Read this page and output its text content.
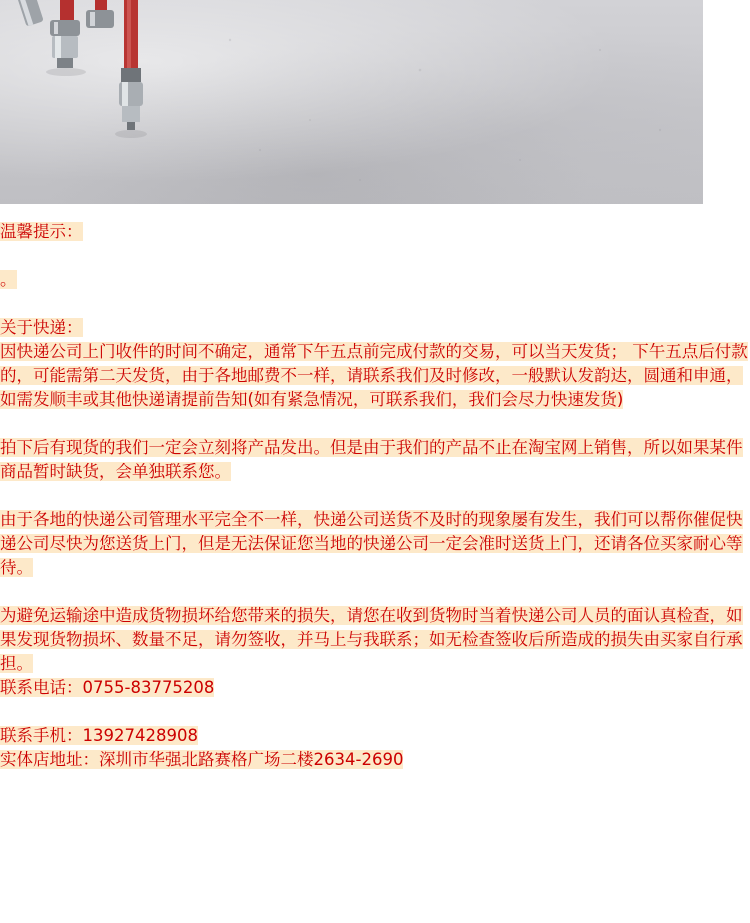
温馨提示：

。

关于快递：

因快递公司上门收件的时间不确定，通常下午五点前完成付款的交易，可以当天发货； 下午五点后付款的，可能需第二天发货，由于各地邮费不一样，请联系我们及时修改，一般默认发韵达，圆通和申通，如需发顺丰或其他快递请提前告知(如有紧急情况，可联系我们，我们会尽力快速发货)

拍下后有现货的我们一定会立刻将产品发出。但是由于我们的产品不止在淘宝网上销售，所以如果某件商品暂时缺货，会单独联系您。

由于各地的快递公司管理水平完全不一样，快递公司送货不及时的现象屡有发生，我们可以帮你催促快递公司尽快为您送货上门，但是无法保证您当地的快递公司一定会准时送货上门，还请各位买家耐心等待。

为避免运输途中造成货物损坏给您带来的损失，请您在收到货物时当着快递公司人员的面认真检查，如果发现货物损坏、数量不足，请勿签收，并马上与我联系；如无检查签收后所造成的损失由买家自行承担。

联系电话：0755-83775208

联系手机：13927428908

实体店地址：深圳市华强北路赛格广场二楼2634-2690
